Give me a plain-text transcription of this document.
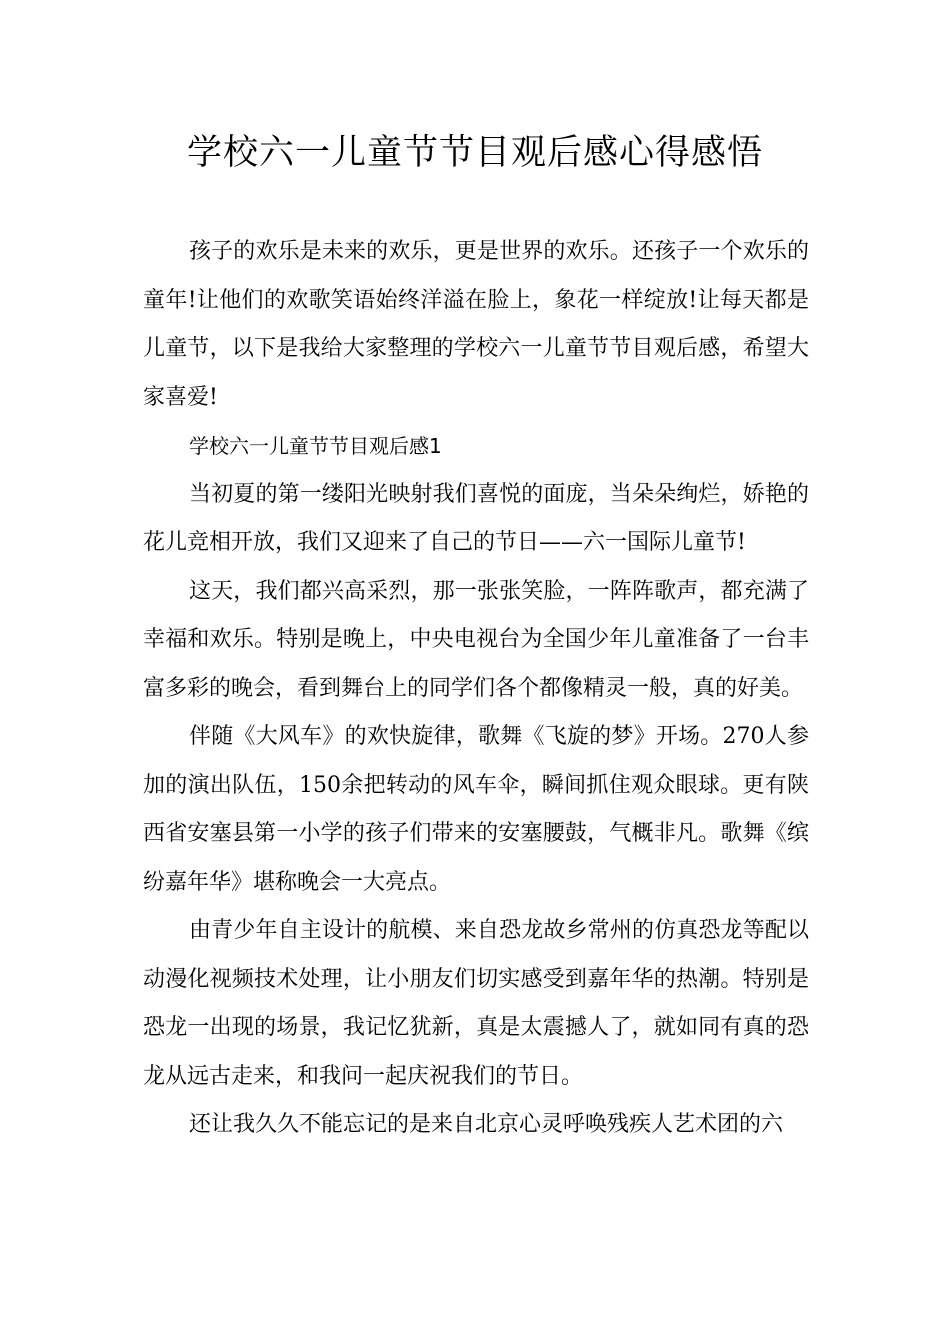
学校六一儿童节节目观后感心得感悟

孩子的欢乐是未来的欢乐，更是世界的欢乐。还孩子一个欢乐的童年!让他们的欢歌笑语始终洋溢在脸上，象花一样绽放!让每天都是儿童节，以下是我给大家整理的学校六一儿童节节目观后感，希望大家喜爱!

学校六一儿童节节目观后感1

当初夏的第一缕阳光映射我们喜悦的面庞，当朵朵绚烂，娇艳的花儿竞相开放，我们又迎来了自己的节日——六一国际儿童节!

这天，我们都兴高采烈，那一张张笑脸，一阵阵歌声，都充满了幸福和欢乐。特别是晚上，中央电视台为全国少年儿童准备了一台丰富多彩的晚会，看到舞台上的同学们各个都像精灵一般，真的好美。

伴随《大风车》的欢快旋律，歌舞《飞旋的梦》开场。270人参加的演出队伍，150余把转动的风车伞，瞬间抓住观众眼球。更有陕西省安塞县第一小学的孩子们带来的安塞腰鼓，气概非凡。歌舞《缤纷嘉年华》堪称晚会一大亮点。

由青少年自主设计的航模、来自恐龙故乡常州的仿真恐龙等配以动漫化视频技术处理，让小朋友们切实感受到嘉年华的热潮。特别是恐龙一出现的场景，我记忆犹新，真是太震撼人了，就如同有真的恐龙从远古走来，和我问一起庆祝我们的节日。

还让我久久不能忘记的是来自北京心灵呼唤残疾人艺术团的六
